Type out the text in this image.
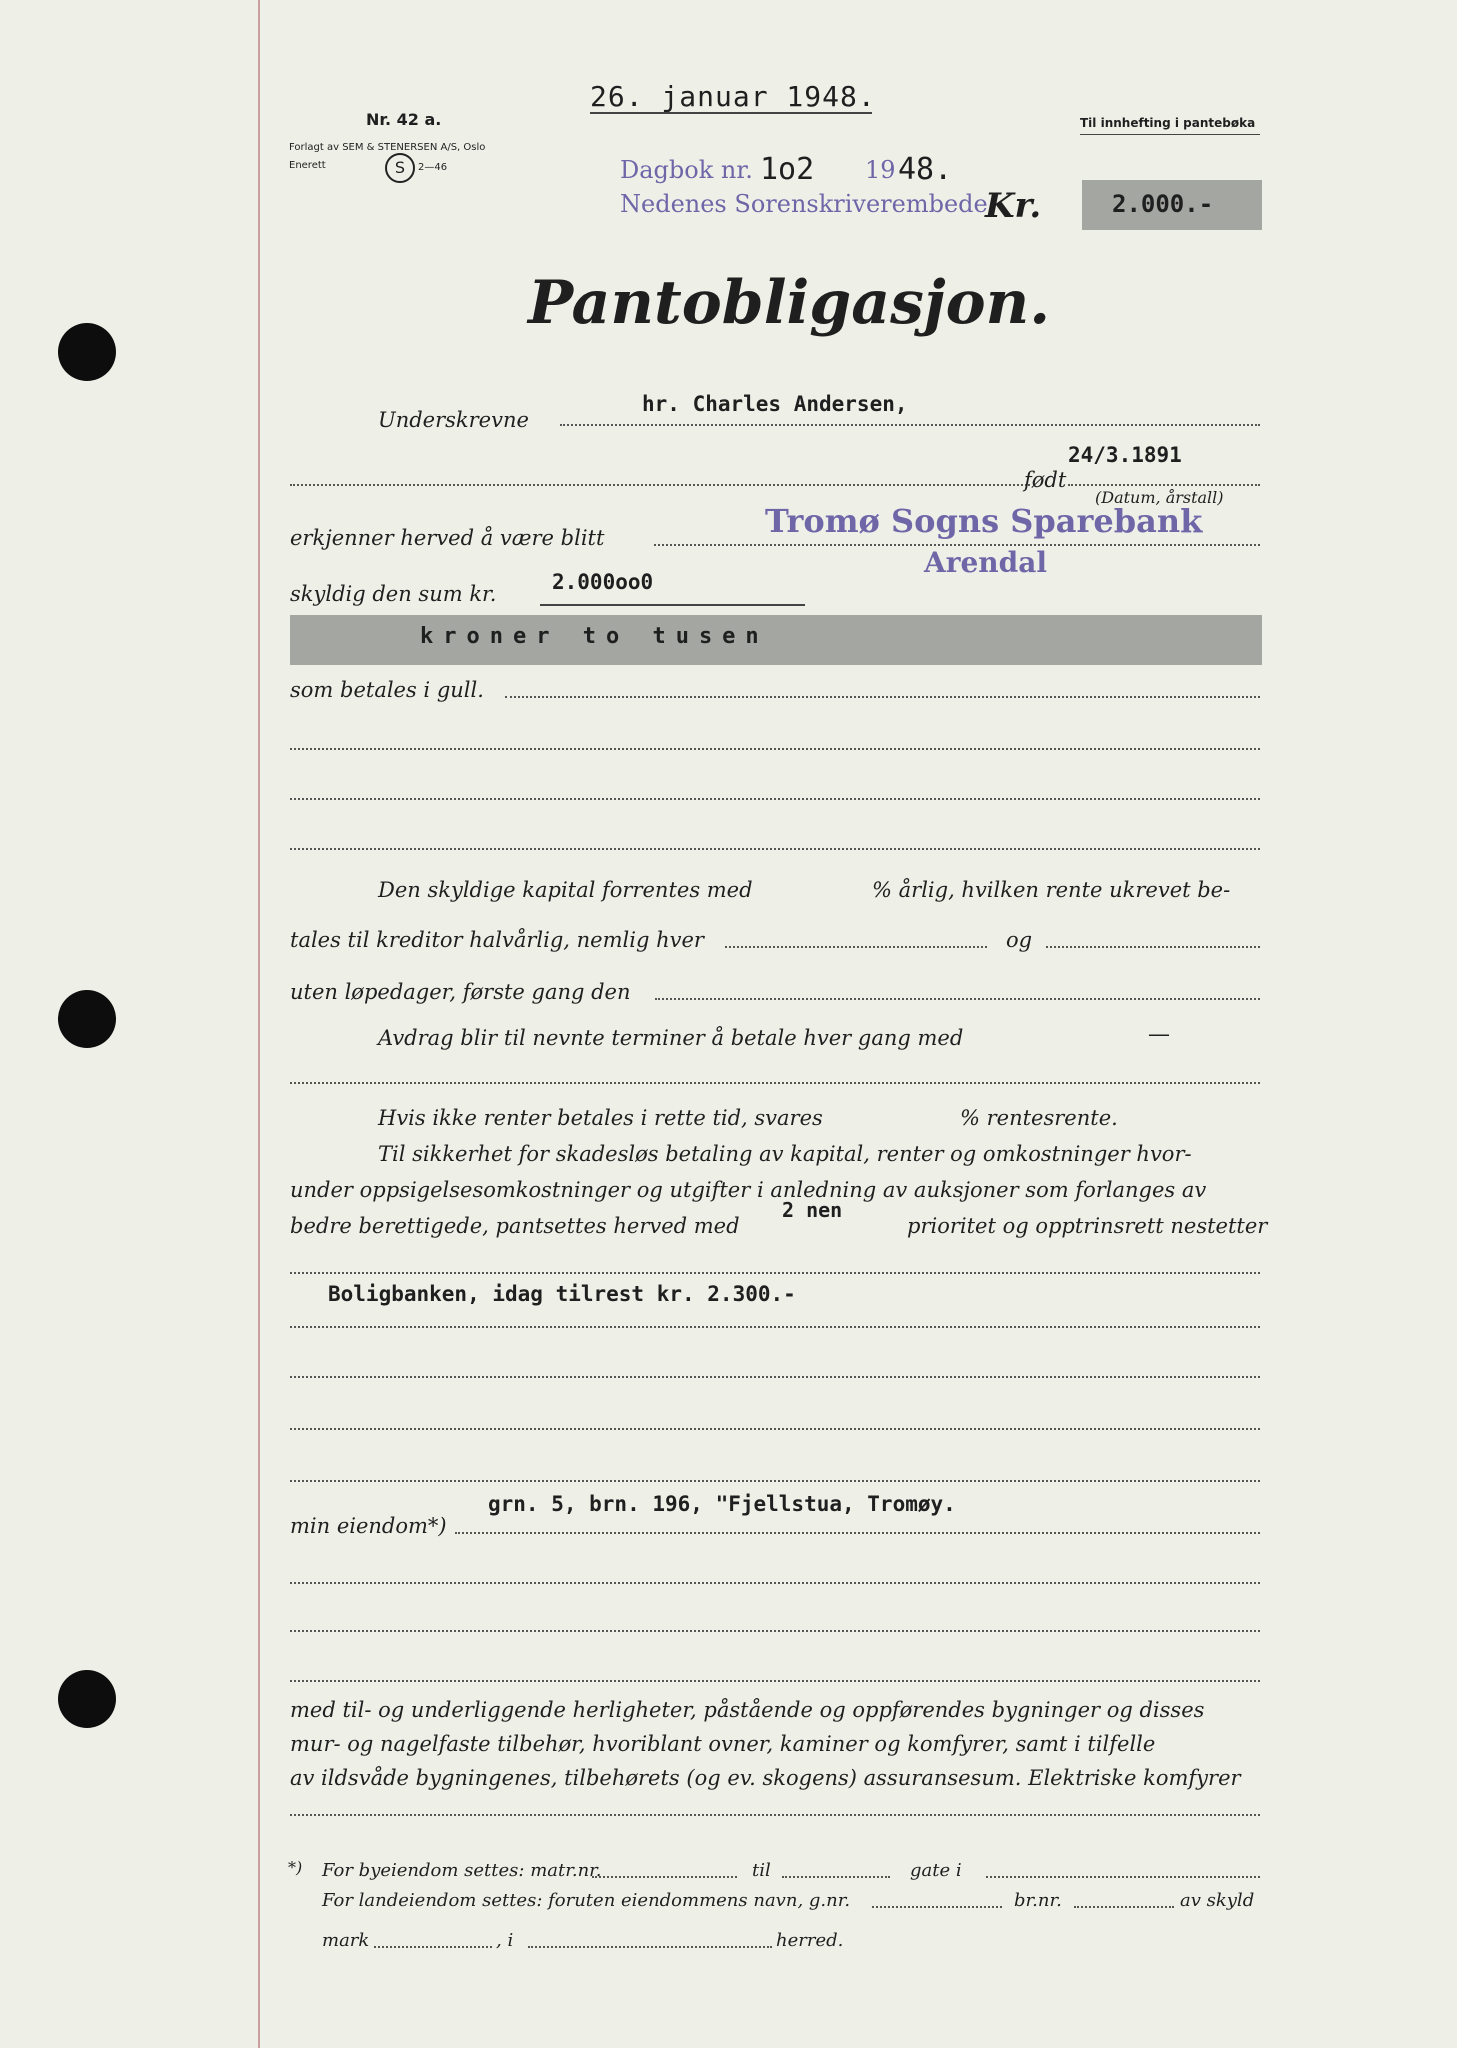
Nr. 42 a.
Forlagt av SEM & STENERSEN A/S, Oslo
Enerett	S	2—46
26. januar 1948.
Til innhefting i pantebøka
Dagbok nr. 1o2 19 48.
Nedenes Sorenskriverembede
Kr.	2.000.-
Pantobligasjon.
Underskrevne
hr. Charles Andersen,
født
24/3.1891
(Datum, årstall)
erkjenner herved å være blitt	Tromø Sogns Sparebank
Arendal
skyldig den sum kr.	2.000oo0
kroner to tusen
som betales i gull.
Den skyldige kapital forrentes med	% årlig, hvilken rente ukrevet be-
tales til kreditor halvårlig, nemlig hver	og
uten løpedager, første gang den
Avdrag blir til nevnte terminer å betale hver gang med	—
Hvis ikke renter betales i rette tid, svares	% rentesrente.
Til sikkerhet for skadesløs betaling av kapital, renter og omkostninger hvor-
under oppsigelsesomkostninger og utgifter i anledning av auksjoner som forlanges av
bedre berettigede, pantsettes herved med
2 nen
prioritet og opptrinsrett nestetter
Boligbanken, idag tilrest kr. 2.300.-
grn. 5, brn. 196, "Fjellstua, Tromøy.
min eiendom*)
med til- og underliggende herligheter, påstående og oppførendes bygninger og disses
mur- og nagelfaste tilbehør, hvoriblant ovner, kaminer og komfyrer, samt i tilfelle
av ildsvåde bygningenes, tilbehørets (og ev. skogens) assuransesum. Elektriske komfyrer
*) For byeiendom settes: matr.nr.	til	gate i
For landeiendom settes: foruten eiendommens navn, g.nr.	br.nr.	av skyld
mark	, i	herred.
